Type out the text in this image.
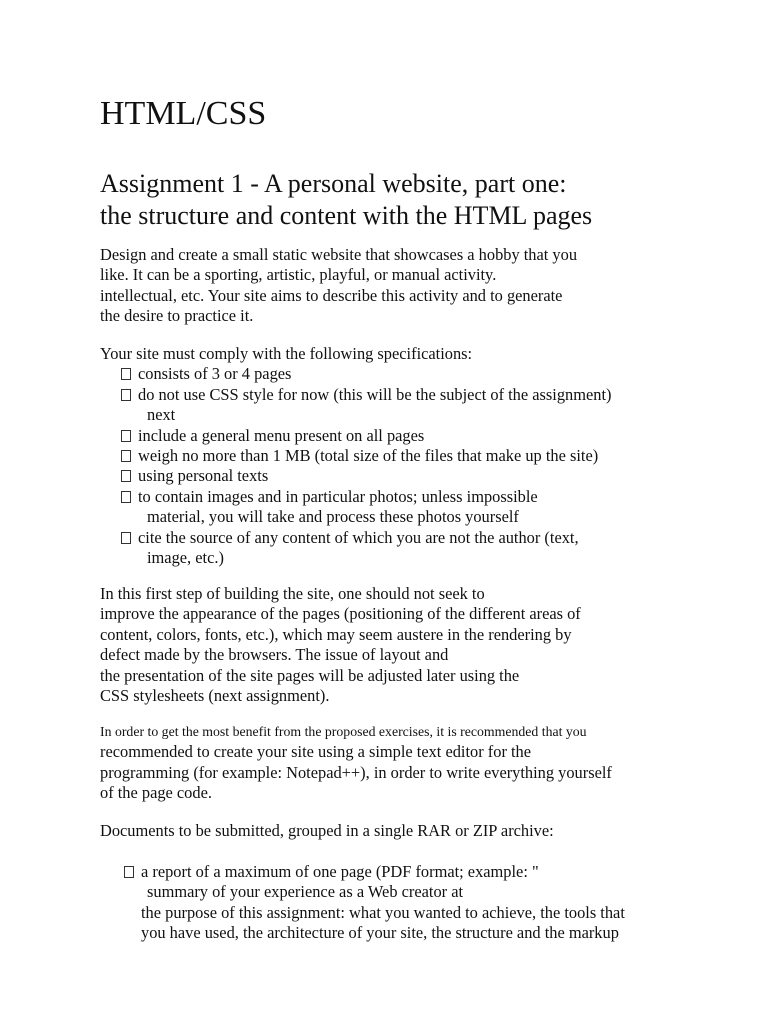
HTML/CSS
Assignment 1 - A personal website, part one:
the structure and content with the HTML pages

Design and create a small static website that showcases a hobby that you
like. It can be a sporting, artistic, playful, or manual activity.
intellectual, etc. Your site aims to describe this activity and to generate
the desire to practice it.

Your site must comply with the following specifications:
consists of 3 or 4 pages
do not use CSS style for now (this will be the subject of the assignment)
next
include a general menu present on all pages
weigh no more than 1 MB (total size of the files that make up the site)
using personal texts
to contain images and in particular photos; unless impossible
material, you will take and process these photos yourself
cite the source of any content of which you are not the author (text,
image, etc.)

In this first step of building the site, one should not seek to
improve the appearance of the pages (positioning of the different areas of
content, colors, fonts, etc.), which may seem austere in the rendering by
defect made by the browsers. The issue of layout and
the presentation of the site pages will be adjusted later using the
CSS stylesheets (next assignment).

In order to get the most benefit from the proposed exercises, it is recommended that you
recommended to create your site using a simple text editor for the
programming (for example: Notepad++), in order to write everything yourself
of the page code.

Documents to be submitted, grouped in a single RAR or ZIP archive:

a report of a maximum of one page (PDF format; example: "
summary of your experience as a Web creator at
the purpose of this assignment: what you wanted to achieve, the tools that
you have used, the architecture of your site, the structure and the markup
